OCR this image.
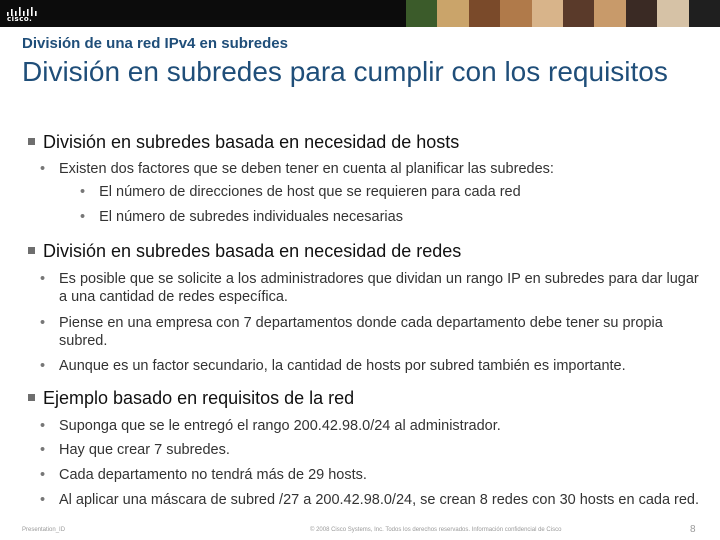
cisco.
División de una red IPv4 en subredes
División en subredes para cumplir con los requisitos
División en subredes basada en necesidad de hosts
• Existen dos factores que se deben tener en cuenta al planificar las subredes:
• El número de direcciones de host que se requieren para cada red
• El número de subredes individuales necesarias
División en subredes basada en necesidad de redes
• Es posible que se solicite a los administradores que dividan un rango IP en subredes para dar lugar a una cantidad de redes específica.
• Piense en una empresa con 7 departamentos donde cada departamento debe tener su propia subred.
• Aunque es un factor secundario, la cantidad de hosts por subred también es importante.
Ejemplo basado en requisitos de la red
• Suponga que se le entregó el rango 200.42.98.0/24 al administrador.
• Hay que crear 7 subredes.
• Cada departamento no tendrá más de 29 hosts.
• Al aplicar una máscara de subred /27 a 200.42.98.0/24, se crean 8 redes con 30 hosts en cada red.
Presentation_ID	© 2008 Cisco Systems, Inc. Todos los derechos reservados. Información confidencial de Cisco	8
